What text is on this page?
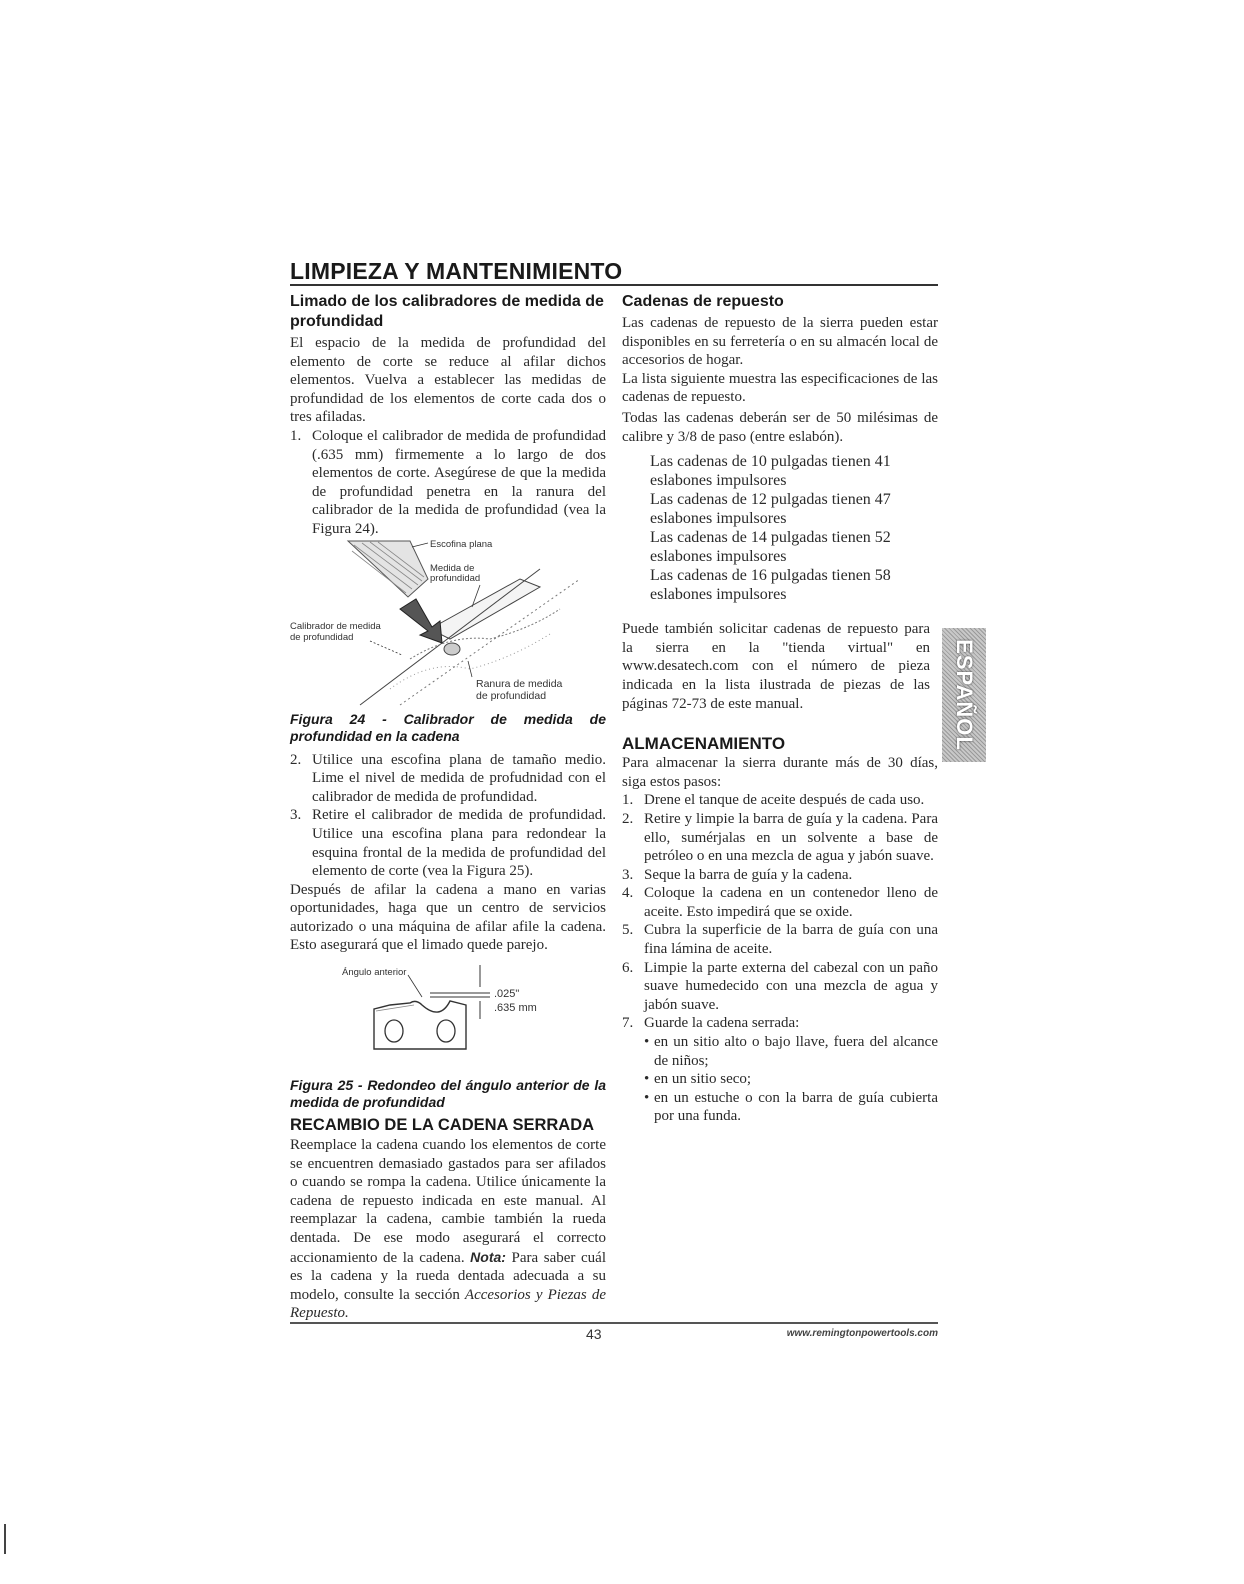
LIMPIEZA Y MANTENIMIENTO
Limado de los calibradores de medida de profundidad

El espacio de la medida de profundidad del elemento de corte se reduce al afilar dichos elementos. Vuelva a establecer las medidas de profundidad de los elementos de corte cada dos o tres afiladas.

1. Coloque el calibrador de medida de profundidad (.635 mm) firmemente a lo largo de dos elementos de corte. Asegúrese de que la medida de profundidad penetra en la ranura del calibrador de la medida de profundidad (vea la Figura 24).
Escofina plana
Medida de
profundidad
Calibrador de medida
de profundidad
Ranura de medida
de profundidad
Figura 24 - Calibrador de medida de profundidad en la cadena
2. Utilice una escofina plana de tamaño medio. Lime el nivel de medida de profudnidad con el calibrador de medida de profundidad.
3. Retire el calibrador de medida de profundidad. Utilice una escofina plana para redondear la esquina frontal de la medida de profundidad del elemento de corte (vea la Figura 25).

Después de afilar la cadena a mano en varias oportunidades, haga que un centro de servicios autorizado o una máquina de afilar afile la cadena. Esto asegurará que el limado quede parejo.

Ángulo anterior
.025"
.635 mm
Figura 25 - Redondeo del ángulo anterior de la medida de profundidad
RECAMBIO DE LA CADENA SERRADA

Reemplace la cadena cuando los elementos de corte se encuentren demasiado gastados para ser afilados o cuando se rompa la cadena. Utilice únicamente la cadena de repuesto indicada en este manual. Al reemplazar la cadena, cambie también la rueda dentada. De ese modo asegurará el correcto accionamiento de la cadena. Nota: Para saber cuál es la cadena y la rueda dentada adecuada a su modelo, consulte la sección Accesorios y Piezas de Repuesto.

Cadenas de repuesto

Las cadenas de repuesto de la sierra pueden estar disponibles en su ferretería o en su almacén local de accesorios de hogar.

La lista siguiente muestra las especificaciones de las cadenas de repuesto.

Todas las cadenas deberán ser de 50 milésimas de calibre y 3/8 de paso (entre eslabón).

Las cadenas de 10 pulgadas tienen 41 eslabones impulsores
Las cadenas de 12 pulgadas tienen 47 eslabones impulsores
Las cadenas de 14 pulgadas tienen 52 eslabones impulsores
Las cadenas de 16 pulgadas tienen 58 eslabones impulsores

Puede también solicitar cadenas de repuesto para la sierra en la "tienda virtual" en www.desatech.com con el número de pieza indicada en la lista ilustrada de piezas de las páginas 72-73 de este manual.

ALMACENAMIENTO

Para almacenar la sierra durante más de 30 días, siga estos pasos:

1. Drene el tanque de aceite después de cada uso.
2. Retire y limpie la barra de guía y la cadena. Para ello, sumérjalas en un solvente a base de petróleo o en una mezcla de agua y jabón suave.
3. Seque la barra de guía y la cadena.
4. Coloque la cadena en un contenedor lleno de aceite. Esto impedirá que se oxide.
5. Cubra la superficie de la barra de guía con una fina lámina de aceite.
6. Limpie la parte externa del cabezal con un paño suave humedecido con una mezcla de agua y jabón suave.
7. Guarde la cadena serrada:
• en un sitio alto o bajo llave, fuera del alcance de niños;
• en un sitio seco;
• en un estuche o con la barra de guía cubierta por una funda.
ESPAÑOL
43	www.remingtonpowertools.com
